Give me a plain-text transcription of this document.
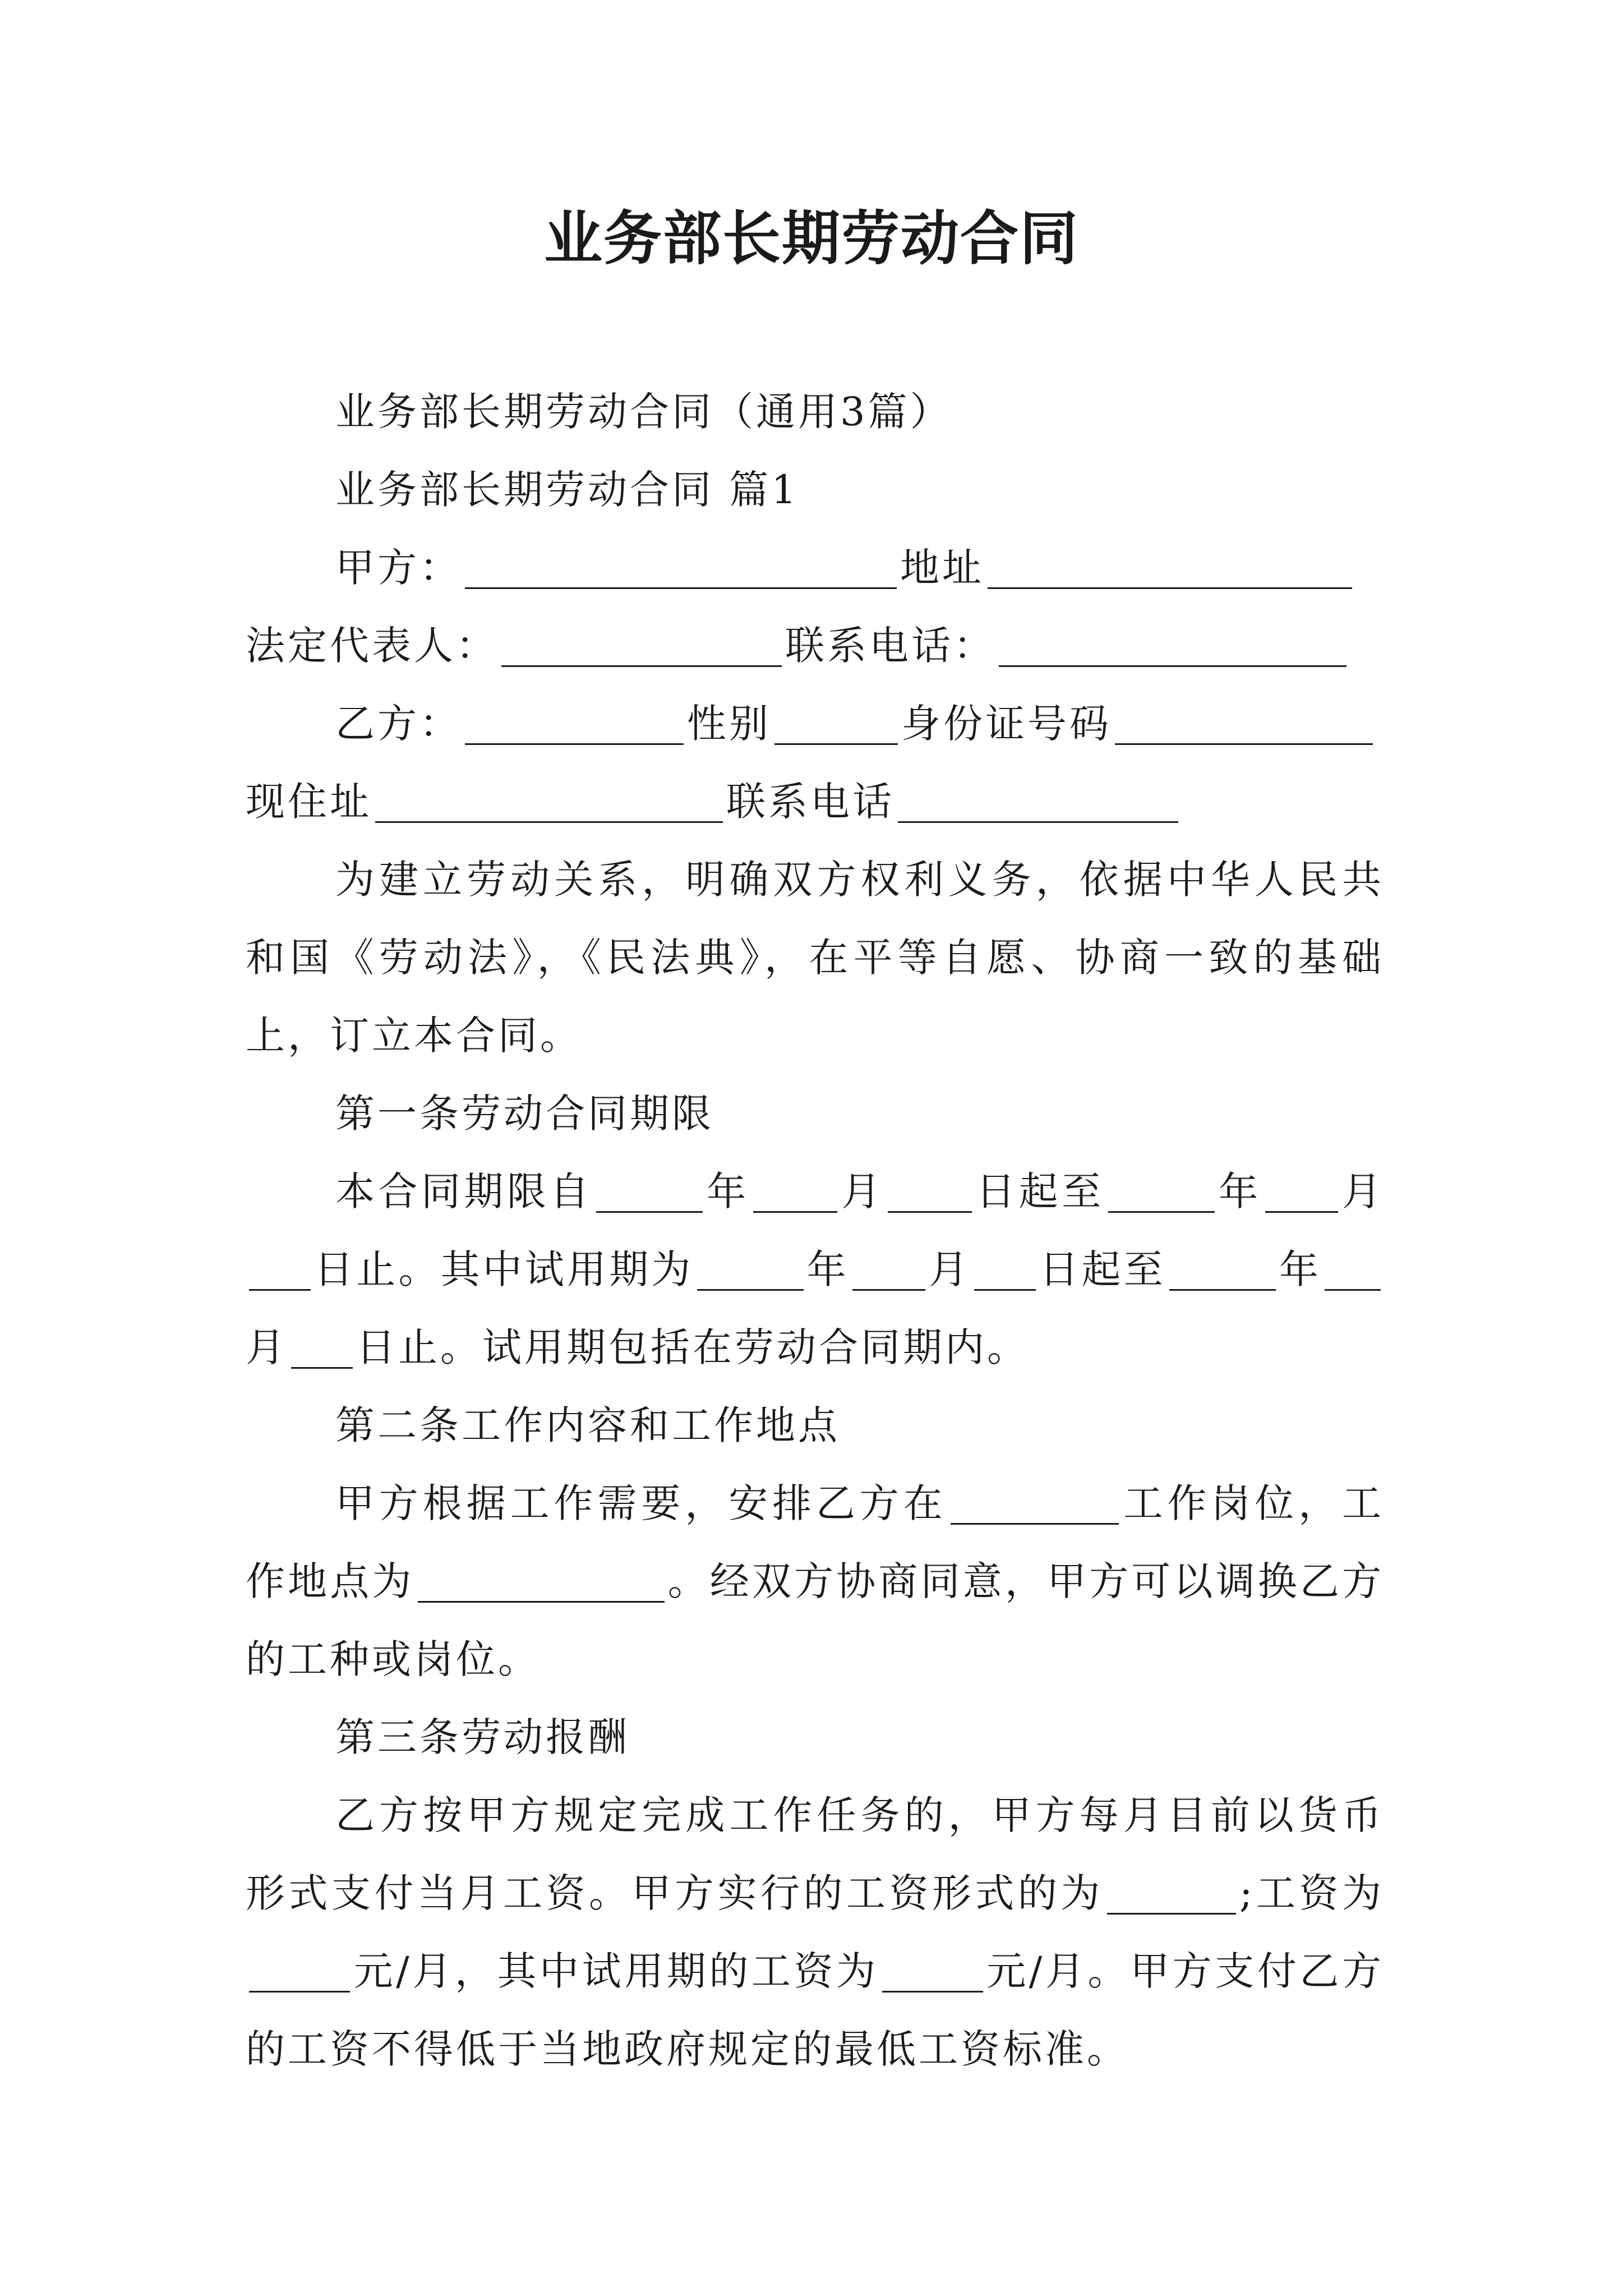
业务部长期劳动合同

业务部长期劳动合同（通用3篇）

业务部长期劳动合同 篇1

甲方：	地址

法定代表人：	联系电话：

乙方：	性别	身份证号码

现住址	联系电话

为建立劳动关系，明确双方权利义务，依据中华人民共和国《劳动法》，《民法典》，在平等自愿、协商一致的基础上，订立本合同。

第一条劳动合同期限

本合同期限自	年 月 日起至	年 月日止。其中试用期为	年 月 日起至	年月 日止。试用期包括在劳动合同期内。

第二条工作内容和工作地点

甲方根据工作需要，安排乙方在	工作岗位，工作地点为	。经双方协商同意，甲方可以调换乙方的工种或岗位。

第三条劳动报酬

乙方按甲方规定完成工作任务的，甲方每月目前以货币形式支付当月工资。甲方实行的工资形式的为	;工资为元/月，其中试用期的工资为	元/月。甲方支付乙方的工资不得低于当地政府规定的最低工资标准。
